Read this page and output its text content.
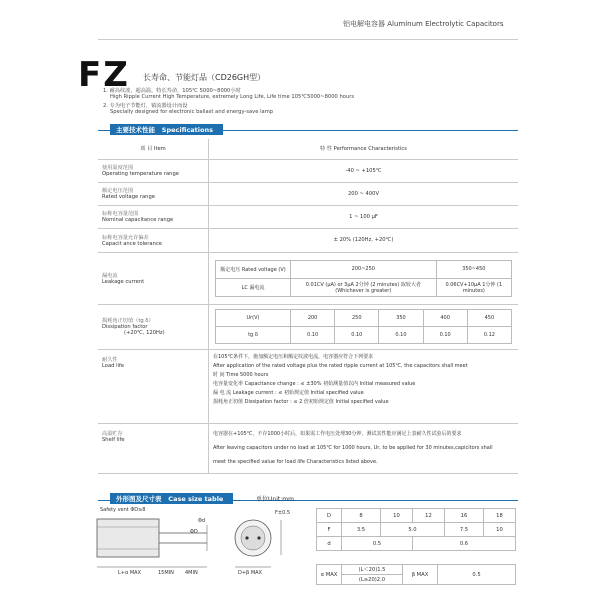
铝电解电容器 Aluminum Electrolytic Capacitors
FZ 长寿命、节能灯品（CD26GH型）
1. 耐高纹波，超高温，特长寿命，105℃ 5000~8000小时
High Ripple Current High Temperature, extremely Long Life, Life time 105℃5000~8000 hours
2. 专为电子节能灯，镇流器设计而设
Specially designed for electronic ballast and energy-save lamp
主要技术性能 Specifications
项 目 Item	特 性 Performance Characteristics

使用温度范围
Operating temperature range	-40 ~ +105℃

额定电压范围
Rated voltage range	200 ~ 400V

标称电容量范围
Nominal capacitance range	1 ~ 100 μF

标称电容量允许偏差
Capacit ance tolerance	± 20% (120Hz, +20℃)

漏电流
Leakage current	
额定电压 Rated voltage (V)	200~250	350~450
LC 漏电流	0.01CV (μA) or 3μA 2分钟 (2 minutes) 取较大者 (Whichever is greater)	0.06CV+10μA 1分钟 (1 minutes)

损耗角正切值（tg δ）
Dissipation factor
(+20℃, 120Hz)	
Ur(V)	200	250	350	400	450
tg δ	0.10	0.10	0.10	0.10	0.12

耐久性
Load life	
在105℃条件下，施加额定电压和额定纹波电流，电容器应符合下列要求
After application of the rated voltage plus the rated ripple current at 105℃, the capacitors shall meet
时 间 Time 5000 hours
电容量变化率 Capacitance change : ≤ ±30% 初始测量值以内 Initial measured value
漏 电 流 Leakage current : ≤ 初始规定值 Initial specified value
损耗角正切值 Dissipation factor : ≤ 2 倍初始规定值 Initial specified value

高温贮存
Shelf life	
电容器在+105℃，不存1000小时后，如果需工作电压处理30分钟，测试其性能应满足上表耐久性试验后的要求
After leaving capacitors under no load at 105℃ for 1000 hours, Ur, to be applied for 30 minutes,capicitors shall
meet the specified value for load life Characteristics listed above.
外形图及尺寸表 Case size table	单位Unit:mm
Safety vent ΦD≥8
Φd
ΦD
F±0.5
L+α MAX	15MIN 4MIN	D+β MAX
D	8	10	12	16	18
F	3.5	5.0		7.5	10
d	0.5		0.6		
α MAX	(L＜20)1.5	β MAX	0.5
(L≥20)2.0
